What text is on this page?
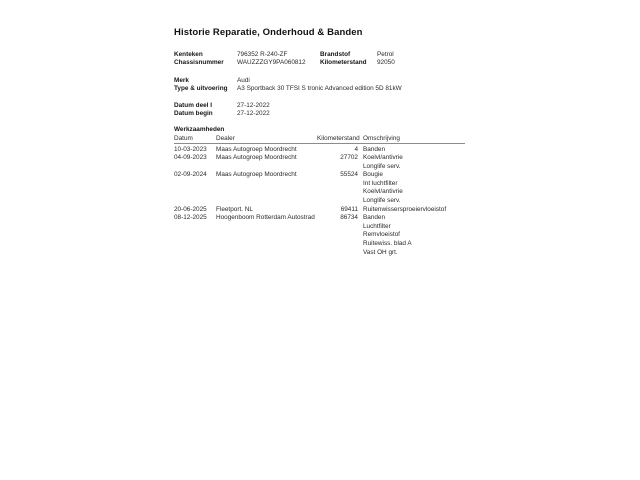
Historie Reparatie, Onderhoud & Banden
Kenteken	796352 R-240-ZF	Brandstof	Petrol
Chassisnummer	WAUZZZGY9PA060812	Kilometerstand	92050
Merk	Audi
Type & uitvoering	A3 Sportback 30 TFSI S tronic Advanced edition 5D 81kW
Datum deel I	27-12-2022
Datum begin	27-12-2022
Werkzaamheden
Datum	Dealer	Kilometerstand Omschrijving
10-03-2023	Maas Autogroep Moordrecht	4 Banden
04-09-2023	Maas Autogroep Moordrecht	27702 Koelvl/antivrie
Longlife serv.
02-09-2024	Maas Autogroep Moordrecht	55524 Bougie
Int luchtfilter
Koelvl/antivrie
Longlife serv.
20-06-2025	Fleetport. NL	69411 Ruitenwissersproeiervloeistof
08-12-2025	Hoogenboom Rotterdam Autostrad	86734 Banden
Luchtfilter
Remvloeistof
Ruitewiss. blad A
Vast OH grt.
